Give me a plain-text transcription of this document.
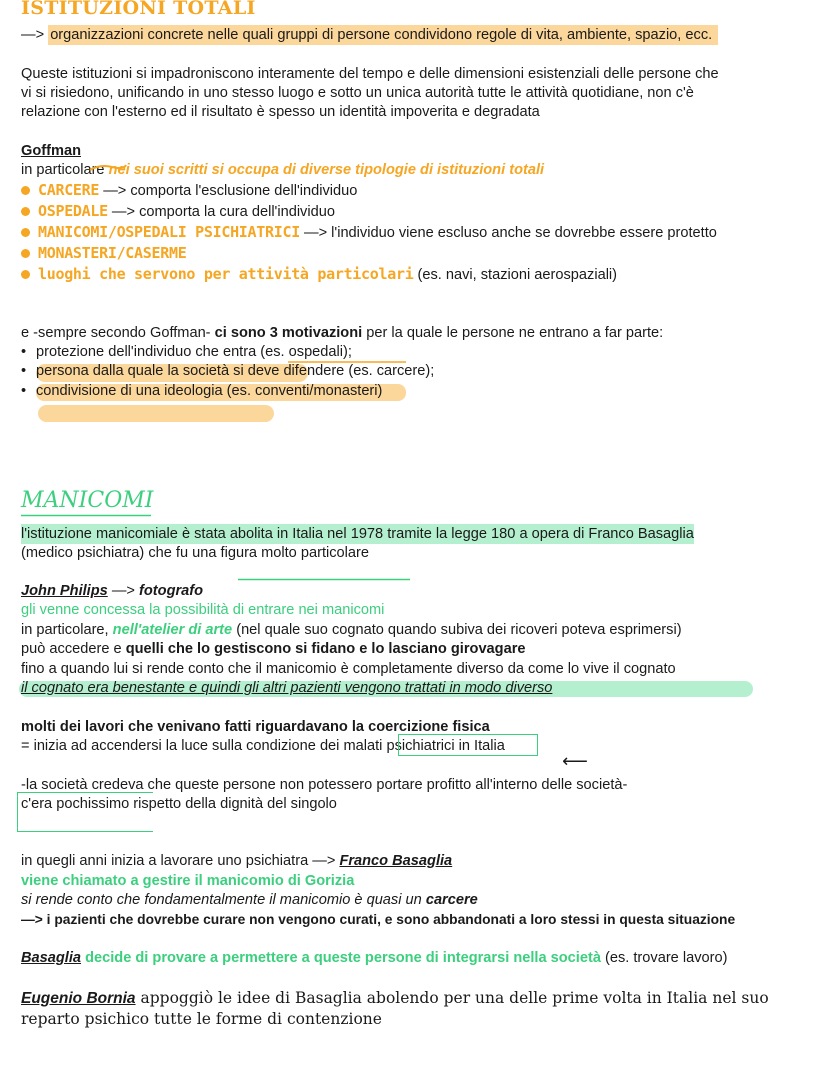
ISTITUZIONI TOTALI
—> organizzazioni concrete nelle quali gruppi di persone condividono regole di vita, ambiente, spazio, ecc.
Queste istituzioni si impadroniscono interamente del tempo e delle dimensioni esistenziali delle persone che
vi si risiedono, unificando in uno stesso luogo e sotto un unica autorità tutte le attività quotidiane, non c'è
relazione con l'esterno ed il risultato è spesso un identità impoverita e degradata
Goffman
in particolare nei suoi scritti si occupa di diverse tipologie di istituzioni totali
CARCERE —> comporta l'esclusione dell'individuo
OSPEDALE —> comporta la cura dell'individuo
MANICOMI/OSPEDALI PSICHIATRICI —> l'individuo viene escluso anche se dovrebbe essere protetto
MONASTERI/CASERME
luoghi che servono per attività particolari (es. navi, stazioni aerospaziali)
e -sempre secondo Goffman- ci sono 3 motivazioni per la quale le persone ne entrano a far parte:
• protezione dell'individuo che entra (es. ospedali);
• persona dalla quale la società si deve difendere (es. carcere);
• condivisione di una ideologia (es. conventi/monasteri)
MANICOMI
l'istituzione manicomiale è stata abolita in Italia nel 1978 tramite la legge 180 a opera di Franco Basaglia
(medico psichiatra) che fu una figura molto particolare
John Philips —> fotografo
gli venne concessa la possibilità di entrare nei manicomi
in particolare, nell'atelier di arte (nel quale suo cognato quando subiva dei ricoveri poteva esprimersi)
può accedere e quelli che lo gestiscono si fidano e lo lasciano girovagare
fino a quando lui si rende conto che il manicomio è completamente diverso da come lo vive il cognato
il cognato era benestante e quindi gli altri pazienti vengono trattati in modo diverso
molti dei lavori che venivano fatti riguardavano la coercizione fisica
= inizia ad accendersi la luce sulla condizione dei malati psichiatrici in Italia
⟵
-la società credeva che queste persone non potessero portare profitto all'interno delle società-
c'era pochissimo rispetto della dignità del singolo
in quegli anni inizia a lavorare uno psichiatra —> Franco Basaglia
viene chiamato a gestire il manicomio di Gorizia
si rende conto che fondamentalmente il manicomio è quasi un carcere
—> i pazienti che dovrebbe curare non vengono curati, e sono abbandonati a loro stessi in questa situazione
Basaglia decide di provare a permettere a queste persone di integrarsi nella società (es. trovare lavoro)
Eugenio Bornia appoggiò le idee di Basaglia abolendo per una delle prime volta in Italia nel suo
reparto psichico tutte le forme di contenzione
